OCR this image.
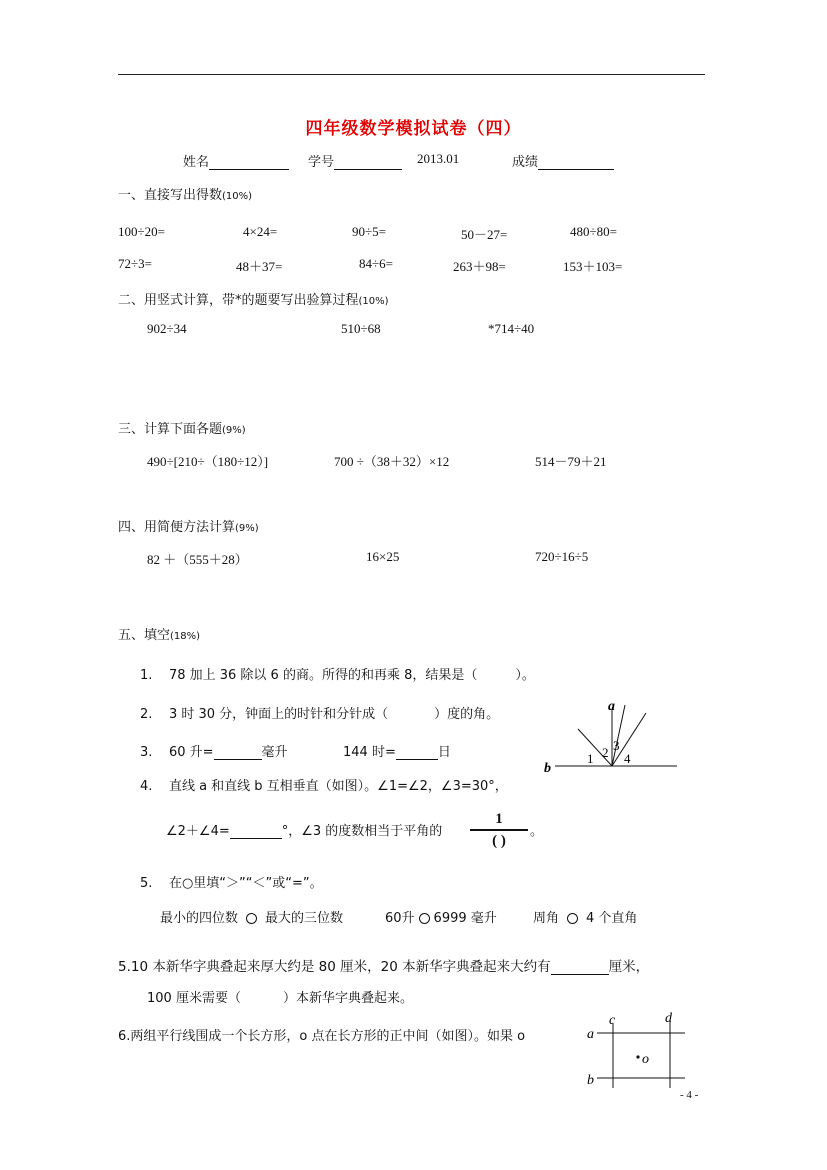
四年级数学模拟试卷（四）
姓名	学号	2013.01	成绩
一、直接写出得数(10%)
100÷20=	4×24=	90÷5=	50－27=	480÷80=
72÷3=	48＋37=	84÷6=	263＋98=	153＋103=
二、用竖式计算，带*的题要写出验算过程(10%)
902÷34	510÷68	*714÷40
三、计算下面各题(9%)
490÷[210÷（180÷12）]	700 ÷（38＋32）×12	514－79＋21
四、用简便方法计算(9%)
82 ＋（555＋28）	16×25	720÷16÷5
五、填空(18%)
1. 78 加上 36 除以 6 的商。所得的和再乘 8，结果是（	）。
2. 3 时 30 分，钟面上的时针和分针成（	）度的角。
3. 60 升=	毫升	144 时=	日
4. 直线 a 和直线 b 互相垂直（如图）。∠1=∠2，∠3=30°，
∠2＋∠4=	°，∠3 的度数相当于平角的
1
( )
。
5. 在○里填“＞”“＜”或“=”。
最小的四位数 最大的三位数	60升 6999 毫升	周角 4 个直角
5.10 本新华字典叠起来厚大约是 80 厘米，20 本新华字典叠起来大约有	厘米，
100 厘米需要（	）本新华字典叠起来。
6.两组平行线围成一个长方形，o 点在长方形的正中间（如图）。如果 o
a
b
1 2 3
4
a
b
c	d
o
- 4 -
